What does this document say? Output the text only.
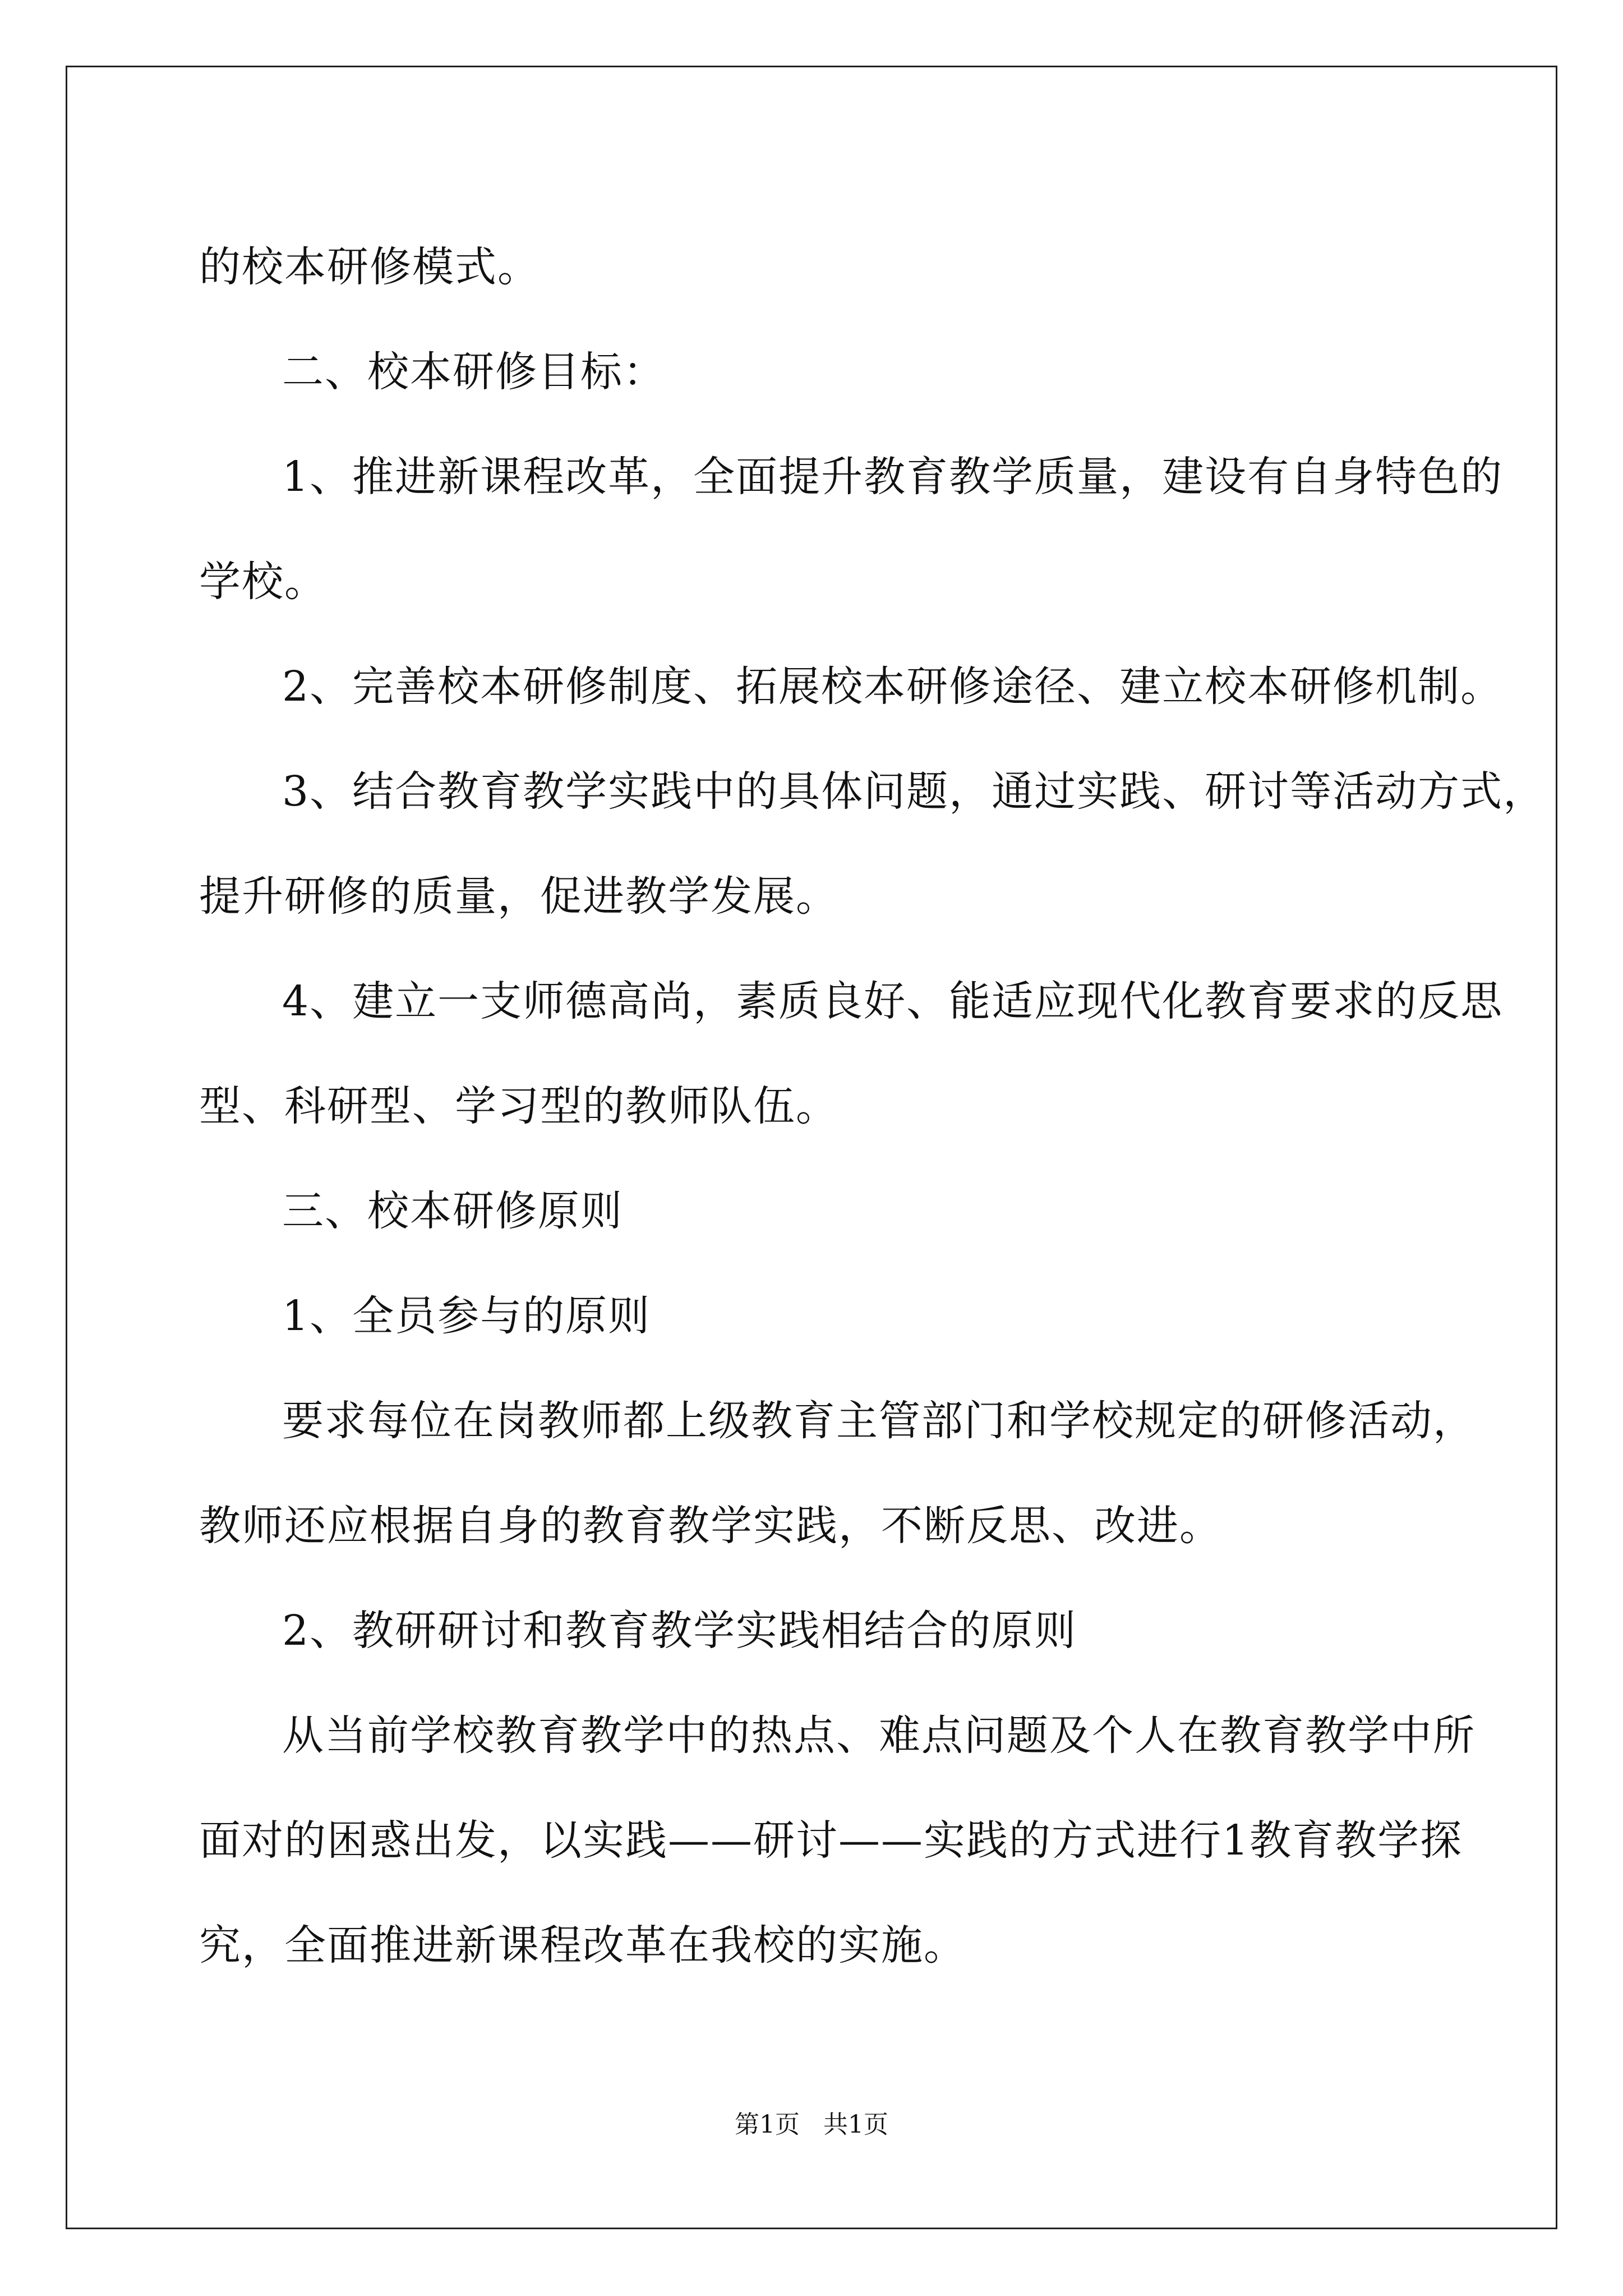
的校本研修模式。

二、校本研修目标：

1、推进新课程改革，全面提升教育教学质量，建设有自身特色的

学校。

2、完善校本研修制度、拓展校本研修途径、建立校本研修机制。

3、结合教育教学实践中的具体问题，通过实践、研讨等活动方式，

提升研修的质量，促进教学发展。

4、建立一支师德高尚，素质良好、能适应现代化教育要求的反思

型、科研型、学习型的教师队伍。

三、校本研修原则

1、全员参与的原则

要求每位在岗教师都上级教育主管部门和学校规定的研修活动，

教师还应根据自身的教育教学实践，不断反思、改进。

2、教研研讨和教育教学实践相结合的原则

从当前学校教育教学中的热点、难点问题及个人在教育教学中所

面对的困惑出发，以实践——研讨——实践的方式进行1教育教学探

究，全面推进新课程改革在我校的实施。

第1页   共1页
